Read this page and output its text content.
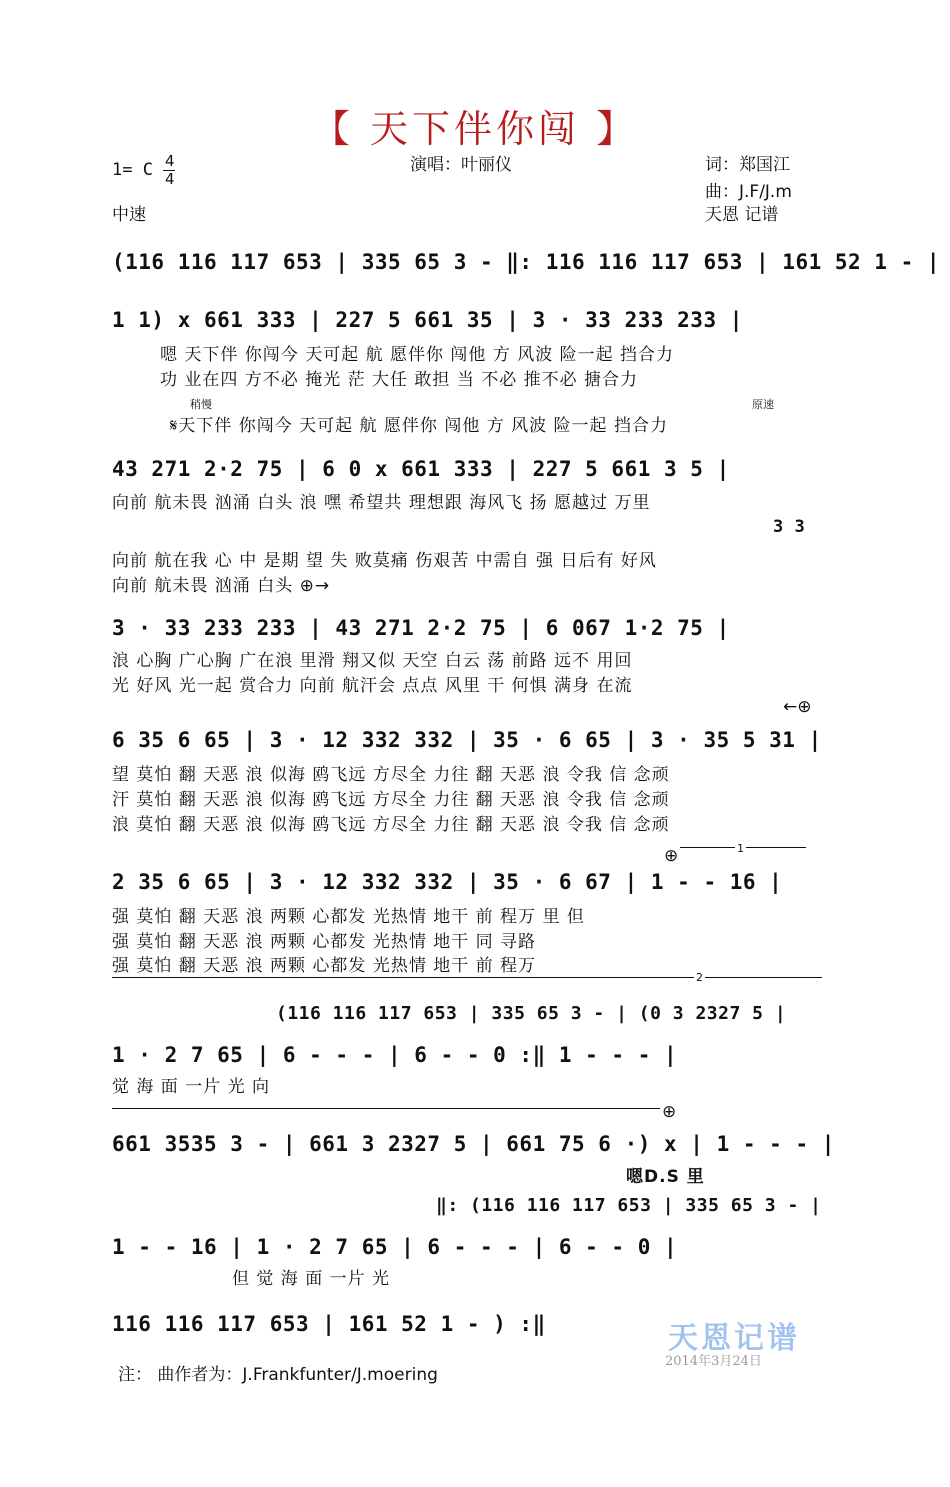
【 天下伴你闯 】
1= C 4
4
演唱：叶丽仪	词：郑国江
曲：J.F/J.m
中速	天恩 记谱
(116 116 117 653 | 335 65 3 - ‖: 116 116 117 653 | 161 52 1 - |
1 1) x 661 333 | 227 5 661 35 | 3 · 33 233 233 |
嗯 天下伴 你闯今 天可起 航 愿伴你 闯他 方 风波 险一起 挡合力
功 业在四 方不必 掩光 茫 大任 敢担 当 不必 推不必 搪合力
稍慢	原速
𝄋天下伴 你闯今 天可起 航 愿伴你 闯他 方 风波 险一起 挡合力
43 271 2·2 75 | 6 0 x 661 333 | 227 5 661 3 5 |
向前 航未畏 汹涌 白头 浪 嘿 希望共 理想跟 海风飞 扬 愿越过 万里
3 3
向前 航在我 心 中 是期 望 失 败莫痛 伤艰苦 中需自 强 日后有 好风
向前 航未畏 汹涌 白头 ⊕→
3 · 33 233 233 | 43 271 2·2 75 | 6 067 1·2 75 |
浪 心胸 广心胸 广在浪 里滑 翔又似 天空 白云 荡 前路 远不 用回
光 好风 光一起 赏合力 向前 航汗会 点点 风里 干 何惧 满身 在流
←⊕
6 35 6 65 | 3 · 12 332 332 | 35 · 6 65 | 3 · 35 5 31 |
望 莫怕 翻 天恶 浪 似海 鸥飞远 方尽全 力往 翻 天恶 浪 令我 信 念顽
汗 莫怕 翻 天恶 浪 似海 鸥飞远 方尽全 力往 翻 天恶 浪 令我 信 念顽
浪 莫怕 翻 天恶 浪 似海 鸥飞远 方尽全 力往 翻 天恶 浪 令我 信 念顽
⊕	1
2 35 6 65 | 3 · 12 332 332 | 35 · 6 67 | 1 - - 16 |
强 莫怕 翻 天恶 浪 两颗 心都发 光热情 地干 前 程万 里 但
强 莫怕 翻 天恶 浪 两颗 心都发 光热情 地干 同 寻路
强 莫怕 翻 天恶 浪 两颗 心都发 光热情 地干 前 程万
2
(116 116 117 653 | 335 65 3 - | (0 3 2327 5 |
1 · 2 7 65 | 6 - - - | 6 - - 0 :‖ 1 - - - |
觉 海 面 一片 光 向
⊕
661 3535 3 - | 661 3 2327 5 | 661 75 6 ·) x | 1 - - - |
嗯D.S 里
‖: (116 116 117 653 | 335 65 3 - |
1 - - 16 | 1 · 2 7 65 | 6 - - - | 6 - - 0 |
但 觉 海 面 一片 光
116 116 117 653 | 161 52 1 - ) :‖	天恩记谱
2014年3月24日
注： 曲作者为：J.Frankfunter/J.moering
